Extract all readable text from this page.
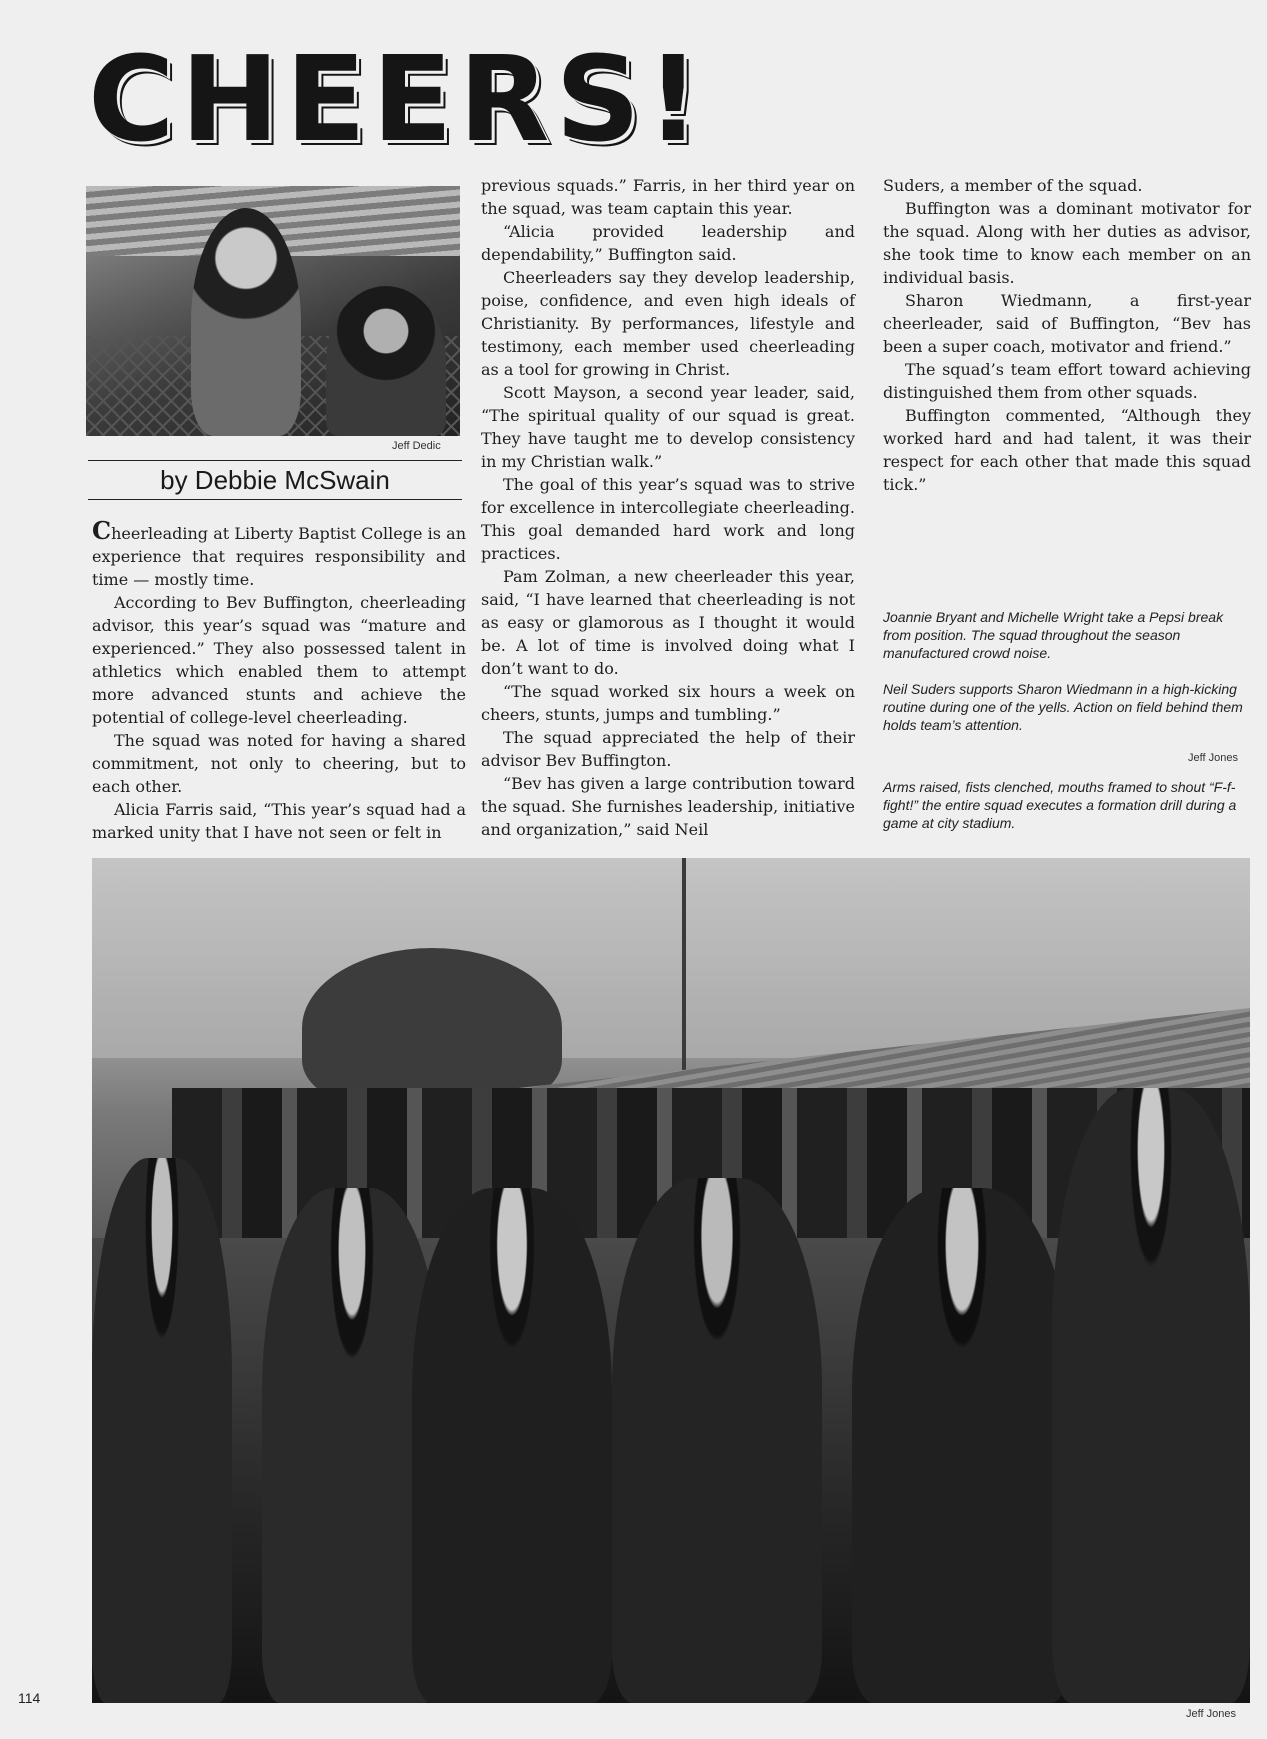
CHEERS!
Jeff Dedic
by Debbie McSwain

Cheerleading at Liberty Baptist College is an experience that requires responsibility and time — mostly time.

According to Bev Buffington, cheerleading advisor, this year’s squad was “mature and experienced.” They also possessed talent in athletics which enabled them to attempt more advanced stunts and achieve the potential of college-level cheerleading.

The squad was noted for having a shared commitment, not only to cheering, but to each other.

Alicia Farris said, “This year’s squad had a marked unity that I have not seen or felt in

previous squads.” Farris, in her third year on the squad, was team captain this year.

“Alicia provided leadership and dependability,” Buffington said.

Cheerleaders say they develop leadership, poise, confidence, and even high ideals of Christianity. By performances, lifestyle and testimony, each member used cheerleading as a tool for growing in Christ.

Scott Mayson, a second year leader, said, “The spiritual quality of our squad is great. They have taught me to develop consistency in my Christian walk.”

The goal of this year’s squad was to strive for excellence in intercollegiate cheerleading. This goal demanded hard work and long practices.

Pam Zolman, a new cheerleader this year, said, “I have learned that cheerleading is not as easy or glamorous as I thought it would be. A lot of time is involved doing what I don’t want to do.

“The squad worked six hours a week on cheers, stunts, jumps and tumbling.”

The squad appreciated the help of their advisor Bev Buffington.

“Bev has given a large contribution toward the squad. She furnishes leadership, initiative and organization,” said Neil

Suders, a member of the squad.

Buffington was a dominant motivator for the squad. Along with her duties as advisor, she took time to know each member on an individual basis.

Sharon Wiedmann, a first-year cheerleader, said of Buffington, “Bev has been a super coach, motivator and friend.”

The squad’s team effort toward achieving distinguished them from other squads.

Buffington commented, “Although they worked hard and had talent, it was their respect for each other that made this squad tick.”

Joannie Bryant and Michelle Wright take a Pepsi break from position. The squad throughout the season manufactured crowd noise.
Neil Suders supports Sharon Wiedmann in a high-kicking routine during one of the yells. Action on field behind them holds team’s attention.
Jeff Jones
Arms raised, fists clenched, mouths framed to shout “F-f-fight!” the entire squad executes a formation drill during a game at city stadium.
Jeff Jones
114
